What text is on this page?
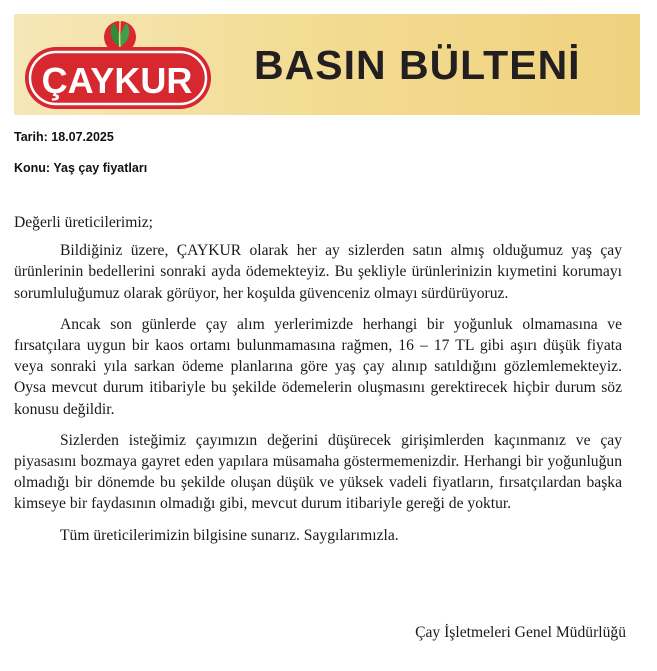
ÇAYKUR BASIN BÜLTENİ
Tarih: 18.07.2025
Konu: Yaş çay fiyatları

Değerli üreticilerimiz;

Bildiğiniz üzere, ÇAYKUR olarak her ay sizlerden satın almış olduğumuz yaş çay ürünlerinin bedellerini sonraki ayda ödemekteyiz. Bu şekliyle ürünlerinizin kıymetini korumayı sorumluluğumuz olarak görüyor, her koşulda güvenceniz olmayı sürdürüyoruz.

Ancak son günlerde çay alım yerlerimizde herhangi bir yoğunluk olmamasına ve fırsatçılara uygun bir kaos ortamı bulunmamasına rağmen, 16 – 17 TL gibi aşırı düşük fiyata veya sonraki yıla sarkan ödeme planlarına göre yaş çay alınıp satıldığını gözlemlemekteyiz. Oysa mevcut durum itibariyle bu şekilde ödemelerin oluşmasını gerektirecek hiçbir durum söz konusu değildir.

Sizlerden isteğimiz çayımızın değerini düşürecek girişimlerden kaçınmanız ve çay piyasasını bozmaya gayret eden yapılara müsamaha göstermemenizdir. Herhangi bir yoğunluğun olmadığı bir dönemde bu şekilde oluşan düşük ve yüksek vadeli fiyatların, fırsatçılardan başka kimseye bir faydasının olmadığı gibi, mevcut durum itibariyle gereği de yoktur.

Tüm üreticilerimizin bilgisine sunarız. Saygılarımızla.

Çay İşletmeleri Genel Müdürlüğü
